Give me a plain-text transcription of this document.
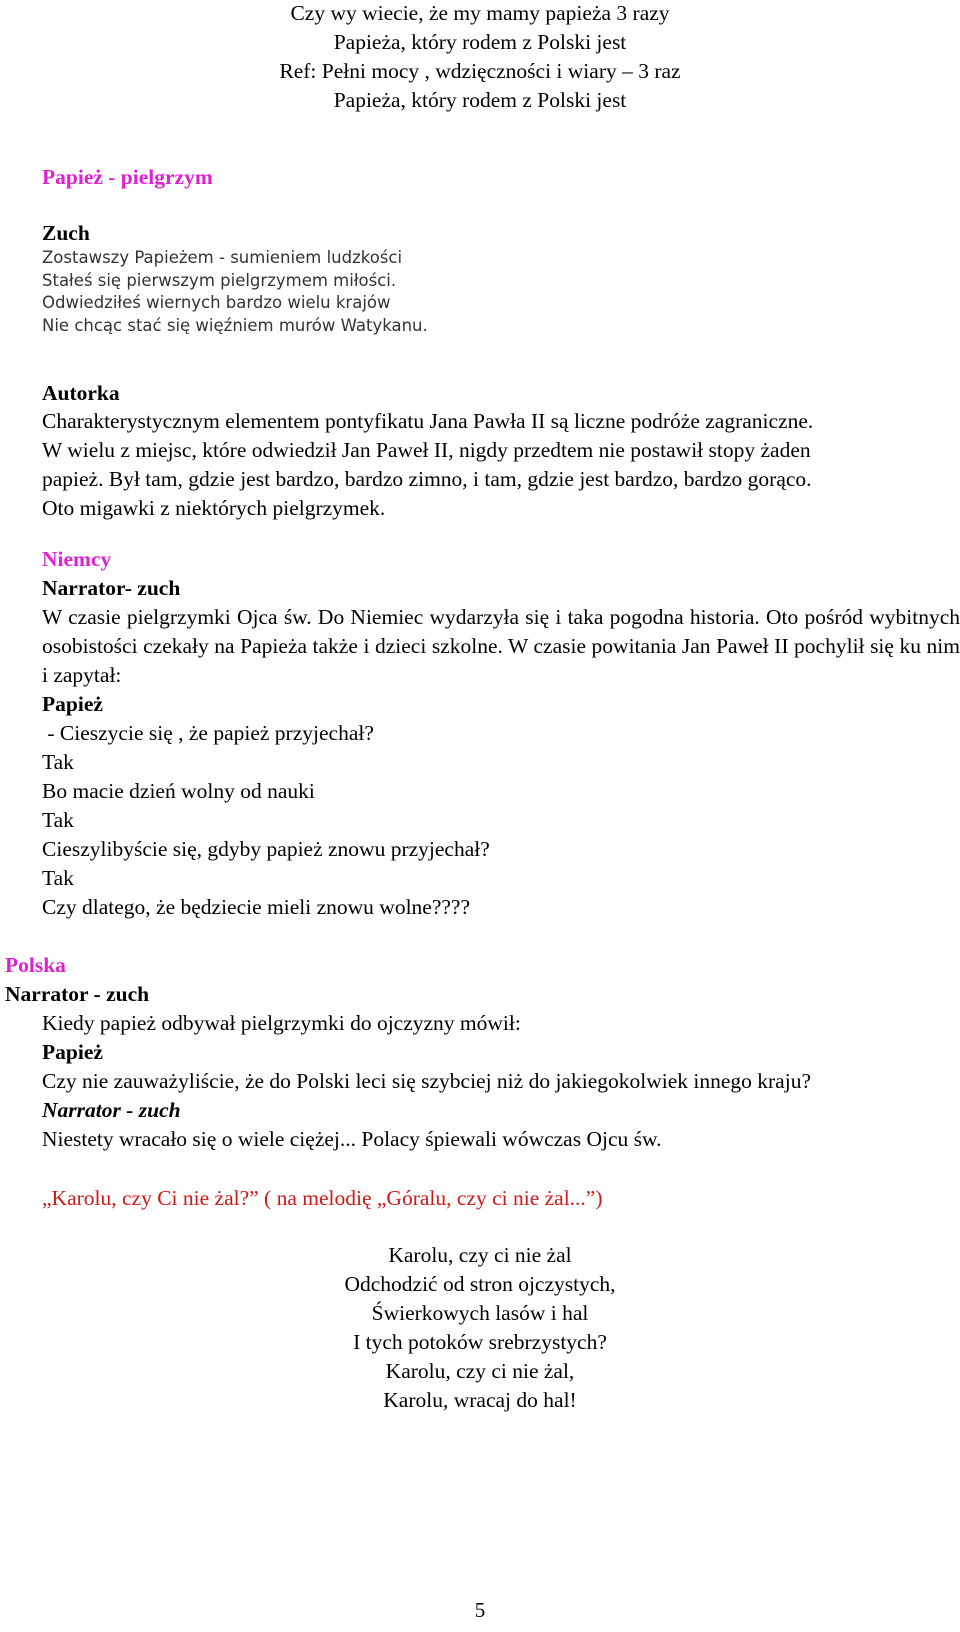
Czy wy wiecie, że my mamy papieża 3 razy
Papieża, który rodem z Polski jest
Ref: Pełni mocy , wdzięczności i wiary – 3 raz
Papieża, który rodem z Polski jest
Papież - pielgrzym
Zuch
Zostawszy Papieżem - sumieniem ludzkości
Stałeś się pierwszym pielgrzymem miłości.
Odwiedziłeś wiernych bardzo wielu krajów
Nie chcąc stać się więźniem murów Watykanu.
Autorka
Charakterystycznym elementem pontyfikatu Jana Pawła II są liczne podróże zagraniczne.
W wielu z miejsc, które odwiedził Jan Paweł II, nigdy przedtem nie postawił stopy żaden
papież. Był tam, gdzie jest bardzo, bardzo zimno, i tam, gdzie jest bardzo, bardzo gorąco.
Oto migawki z niektórych pielgrzymek.
Niemcy
Narrator- zuch
W czasie pielgrzymki Ojca św. Do Niemiec wydarzyła się i taka pogodna historia. Oto pośród wybitnych osobistości czekały na Papieża także i dzieci szkolne. W czasie powitania Jan Paweł II pochylił się ku nim i zapytał:
Papież
- Cieszycie się , że papież przyjechał?
Tak
Bo macie dzień wolny od nauki
Tak
Cieszylibyście się, gdyby papież znowu przyjechał?
Tak
Czy dlatego, że będziecie mieli znowu wolne????
Polska
Narrator - zuch
Kiedy papież odbywał pielgrzymki do ojczyzny mówił:
Papież
Czy nie zauważyliście, że do Polski leci się szybciej niż do jakiegokolwiek innego kraju?
Narrator - zuch
Niestety wracało się o wiele ciężej... Polacy śpiewali wówczas Ojcu św.
„Karolu, czy Ci nie żal?” ( na melodię „Góralu, czy ci nie żal...”)
Karolu, czy ci nie żal
Odchodzić od stron ojczystych,
Świerkowych lasów i hal
I tych potoków srebrzystych?
Karolu, czy ci nie żal,
Karolu, wracaj do hal!
5
